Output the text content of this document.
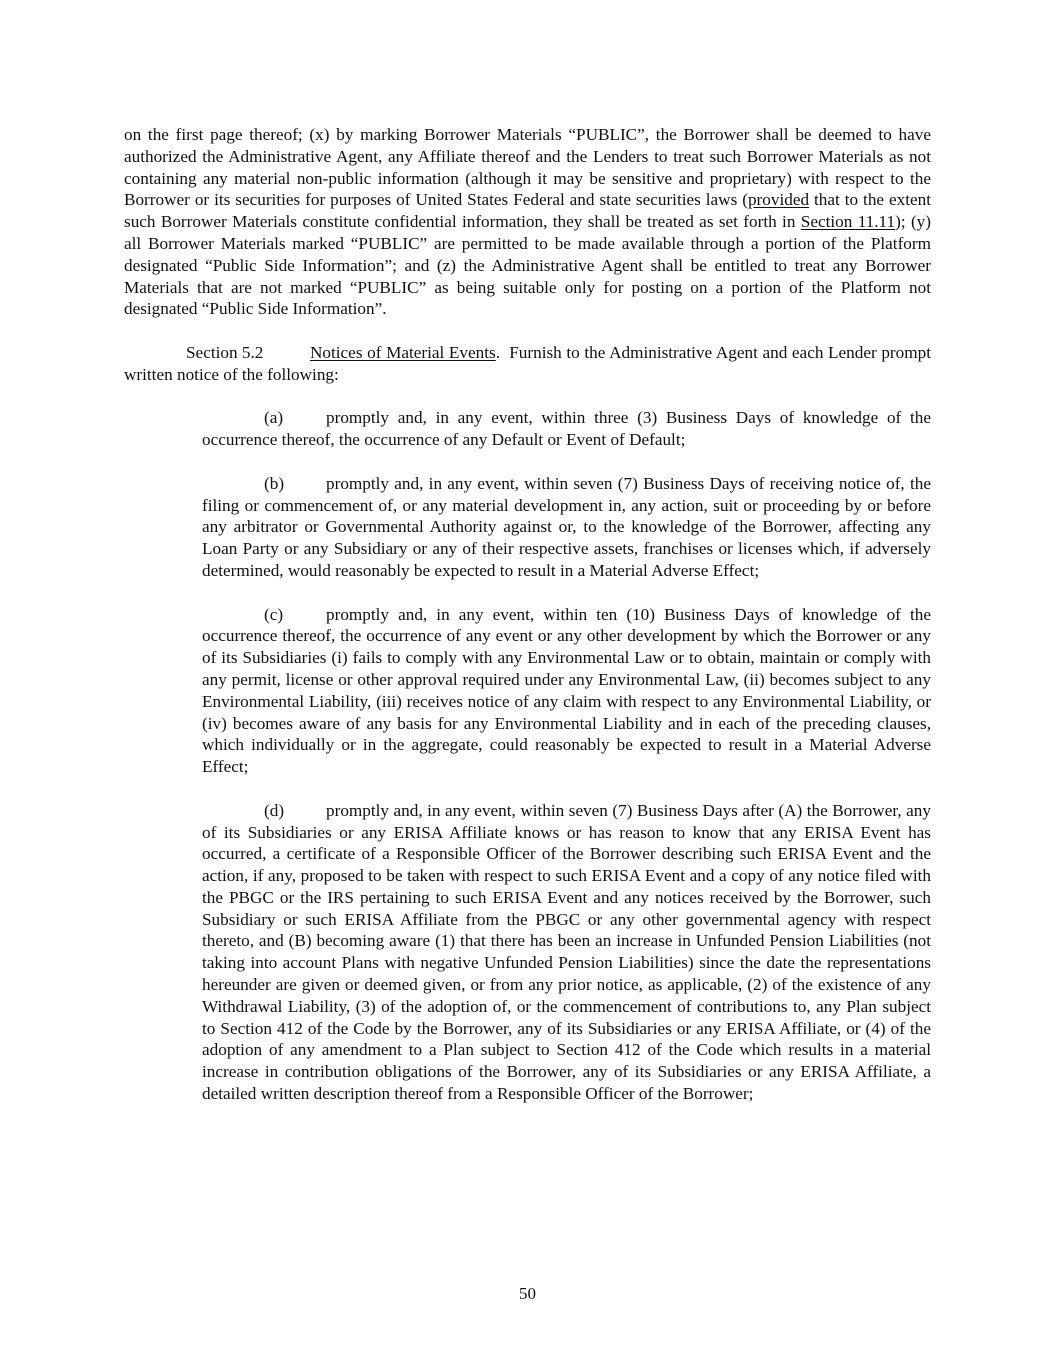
on the first page thereof; (x) by marking Borrower Materials “PUBLIC”, the Borrower shall be deemed to have authorized the Administrative Agent, any Affiliate thereof and the Lenders to treat such Borrower Materials as not containing any material non-public information (although it may be sensitive and proprietary) with respect to the Borrower or its securities for purposes of United States Federal and state securities laws (provided that to the extent such Borrower Materials constitute confidential information, they shall be treated as set forth in Section 11.11); (y) all Borrower Materials marked “PUBLIC” are permitted to be made available through a portion of the Platform designated “Public Side Information”; and (z) the Administrative Agent shall be entitled to treat any Borrower Materials that are not marked “PUBLIC” as being suitable only for posting on a portion of the Platform not designated “Public Side Information”.

Section 5.2	Notices of Material Events.  Furnish to the Administrative Agent and each Lender prompt written notice of the following:

(a) promptly and, in any event, within three (3) Business Days of knowledge of the occurrence thereof, the occurrence of any Default or Event of Default;

(b) promptly and, in any event, within seven (7) Business Days of receiving notice of, the filing or commencement of, or any material development in, any action, suit or proceeding by or before any arbitrator or Governmental Authority against or, to the knowledge of the Borrower, affecting any Loan Party or any Subsidiary or any of their respective assets, franchises or licenses which, if adversely determined, would reasonably be expected to result in a Material Adverse Effect;

(c) promptly and, in any event, within ten (10) Business Days of knowledge of the occurrence thereof, the occurrence of any event or any other development by which the Borrower or any of its Subsidiaries (i) fails to comply with any Environmental Law or to obtain, maintain or comply with any permit, license or other approval required under any Environmental Law, (ii) becomes subject to any Environmental Liability, (iii) receives notice of any claim with respect to any Environmental Liability, or (iv) becomes aware of any basis for any Environmental Liability and in each of the preceding clauses, which individually or in the aggregate, could reasonably be expected to result in a Material Adverse Effect;

(d) promptly and, in any event, within seven (7) Business Days after (A) the Borrower, any of its Subsidiaries or any ERISA Affiliate knows or has reason to know that any ERISA Event has occurred, a certificate of a Responsible Officer of the Borrower describing such ERISA Event and the action, if any, proposed to be taken with respect to such ERISA Event and a copy of any notice filed with the PBGC or the IRS pertaining to such ERISA Event and any notices received by the Borrower, such Subsidiary or such ERISA Affiliate from the PBGC or any other governmental agency with respect thereto, and (B) becoming aware (1) that there has been an increase in Unfunded Pension Liabilities (not taking into account Plans with negative Unfunded Pension Liabilities) since the date the representations hereunder are given or deemed given, or from any prior notice, as applicable, (2) of the existence of any Withdrawal Liability, (3) of the adoption of, or the commencement of contributions to, any Plan subject to Section 412 of the Code by the Borrower, any of its Subsidiaries or any ERISA Affiliate, or (4) of the adoption of any amendment to a Plan subject to Section 412 of the Code which results in a material increase in contribution obligations of the Borrower, any of its Subsidiaries or any ERISA Affiliate, a detailed written description thereof from a Responsible Officer of the Borrower;

50
